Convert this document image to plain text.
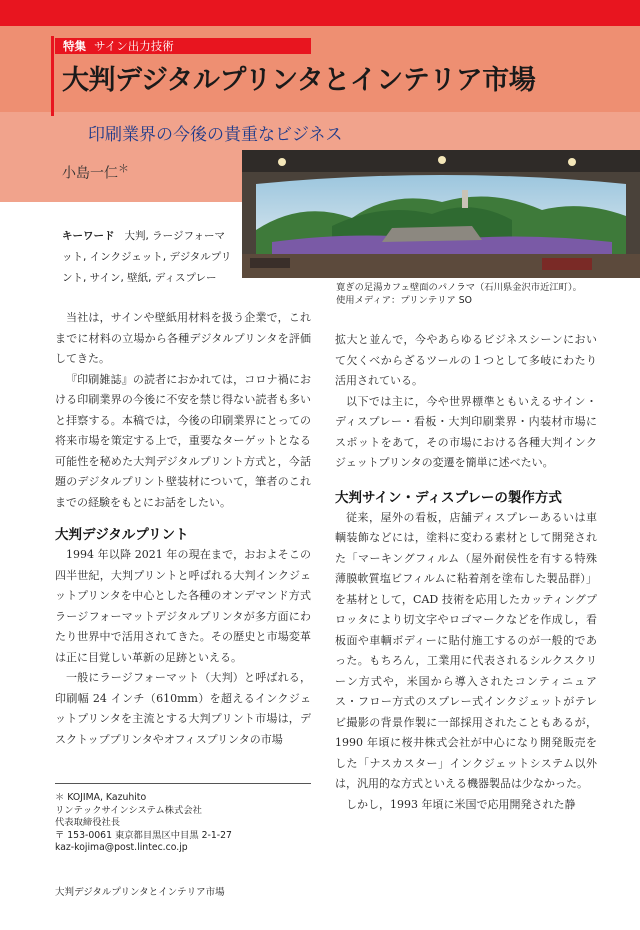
特集 サイン出力技術
大判デジタルプリンタとインテリア市場
印刷業界の今後の貴重なビジネス
小島一仁＊
寛ぎの足湯カフェ壁面のパノラマ（石川県金沢市近江町）。
使用メディア：プリンテリア SO
キーワード 大判, ラージフォーマット, インクジェット, デジタルプリント, サイン, 壁紙, ディスプレー

当社は，サインや壁紙用材料を扱う企業で，これまでに材料の立場から各種デジタルプリンタを評価してきた。

『印刷雑誌』の読者におかれては，コロナ禍における印刷業界の今後に不安を禁じ得ない読者も多いと拝察する。本稿では，今後の印刷業界にとっての将来市場を策定する上で，重要なターゲットとなる可能性を秘めた大判デジタルプリント方式と，今話題のデジタルプリント壁装材について，筆者のこれまでの経験をもとにお話をしたい。

大判デジタルプリント

1994 年以降 2021 年の現在まで，おおよそこの四半世紀，大判プリントと呼ばれる大判インクジェットプリンタを中心とした各種のオンデマンド方式ラージフォーマットデジタルプリンタが多方面にわたり世界中で活用されてきた。その歴史と市場変革は正に目覚しい革新の足跡といえる。

一般にラージフォーマット（大判）と呼ばれる，印刷幅 24 インチ（610mm）を超えるインクジェットプリンタを主流とする大判プリント市場は，デスクトッププリンタやオフィスプリンタの市場

拡大と並んで，今やあらゆるビジネスシーンにおいて欠くべからざるツールの１つとして多岐にわたり活用されている。

以下では主に，今や世界標準ともいえるサイン・ディスプレー・看板・大判印刷業界・内装材市場にスポットをあて，その市場における各種大判インクジェットプリンタの変遷を簡単に述べたい。

大判サイン・ディスプレーの製作方式

従来，屋外の看板，店舗ディスプレーあるいは車輌装飾などには，塗料に変わる素材として開発された「マーキングフィルム（屋外耐侯性を有する特殊薄膜軟質塩ビフィルムに粘着剤を塗布した製品群）」を基材として，CAD 技術を応用したカッティングプロッタにより切文字やロゴマークなどを作成し，看板面や車輌ボディーに貼付施工するのが一般的であった。もちろん，工業用に代表されるシルクスクリーン方式や，米国から導入されたコンティニュアス・フロー方式のスプレー式インクジェットがテレビ撮影の背景作製に一部採用されたこともあるが，1990 年頃に桜井株式会社が中心になり開発販売をした「ナスカスター」インクジェットシステム以外は，汎用的な方式といえる機器製品は少なかった。

しかし，1993 年頃に米国で応用開発された静

＊ KOJIMA, Kazuhito
リンテックサインシステム株式会社
代表取締役社長
〒 153-0061 東京都目黒区中目黒 2-1-27
kaz-kojima@post.lintec.co.jp
大判デジタルプリンタとインテリア市場
